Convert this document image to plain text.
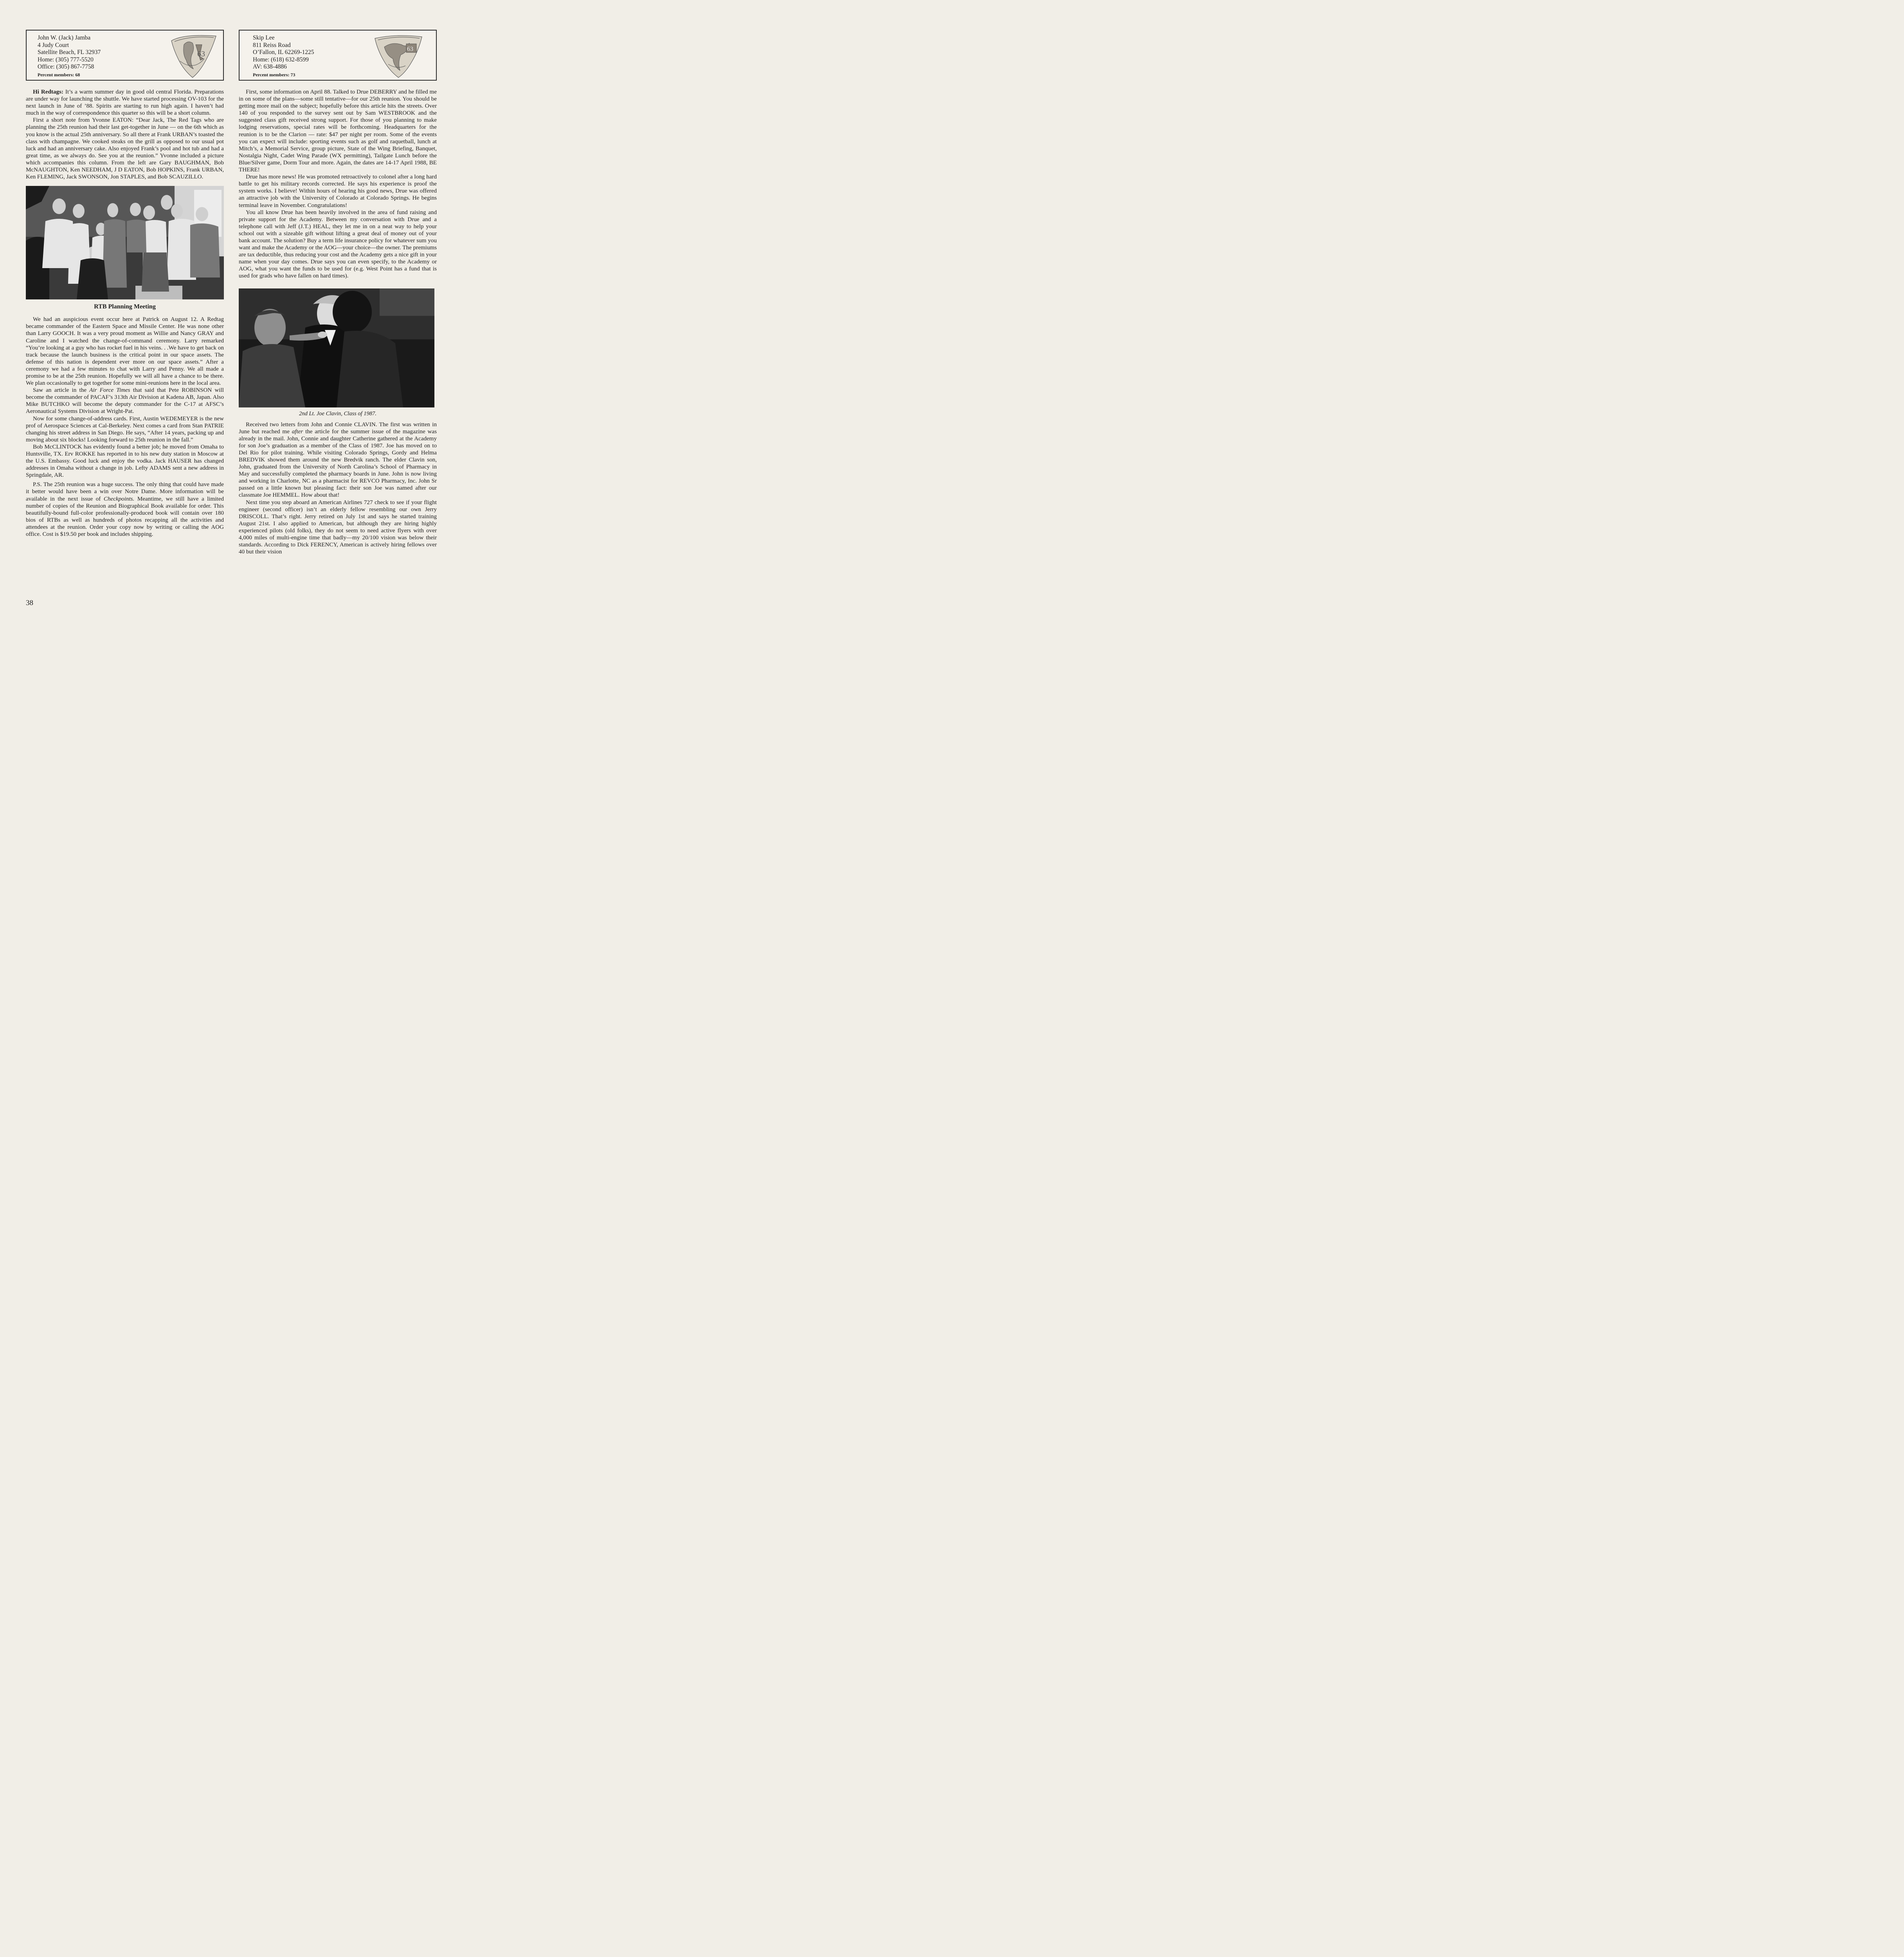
John W. (Jack) Jamba
4 Judy Court
Satellite Beach, FL 32937
Home: (305) 777-5520
Office: (305) 867-7758
Percent members: 68
63

Hi Redtags: It’s a warm summer day in good old central Florida. Preparations are under way for launching the shuttle. We have started processing OV-103 for the next launch in June of ’88. Spirits are starting to run high again. I haven’t had much in the way of correspondence this quarter so this will be a short column.

First a short note from Yvonne EATON: “Dear Jack, The Red Tags who are planning the 25th reunion had their last get-together in June — on the 6th which as you know is the actual 25th anniversary. So all there at Frank URBAN’s toasted the class with champagne. We cooked steaks on the grill as opposed to our usual pot luck and had an anniversary cake. Also enjoyed Frank’s pool and hot tub and had a great time, as we always do. See you at the reunion.” Yvonne included a picture which accompanies this column. From the left are Gary BAUGHMAN, Bob McNAUGHTON, Ken NEEDHAM, J D EATON, Bob HOPKINS, Frank URBAN, Ken FLEMING, Jack SWONSON, Jon STAPLES, and Bob SCAUZILLO.

RTB Planning Meeting

We had an auspicious event occur here at Patrick on August 12. A Redtag became commander of the Eastern Space and Missile Center. He was none other than Larry GOOCH. It was a very proud moment as Willie and Nancy GRAY and Caroline and I watched the change-of-command ceremony. Larry remarked “You’re looking at a guy who has rocket fuel in his veins. . .We have to get back on track because the launch business is the critical point in our space assets. The defense of this nation is dependent ever more on our space assets.” After a ceremony we had a few minutes to chat with Larry and Penny. We all made a promise to be at the 25th reunion. Hopefully we will all have a chance to be there. We plan occasionally to get together for some mini-reunions here in the local area.

Saw an article in the Air Force Times that said that Pete ROBINSON will become the commander of PACAF’s 313th Air Division at Kadena AB, Japan. Also Mike BUTCHKO will become the deputy commander for the C-17 at AFSC’s Aeronautical Systems Division at Wright-Pat.

Now for some change-of-address cards. First, Austin WEDEMEYER is the new prof of Aerospace Sciences at Cal-Berkeley. Next comes a card from Stan PATRIE changing his street address in San Diego. He says, “After 14 years, packing up and moving about six blocks! Looking forward to 25th reunion in the fall.”

Bob McCLINTOCK has evidently found a better job; he moved from Omaha to Huntsville, TX. Erv ROKKE has reported in to his new duty station in Moscow at the U.S. Embassy. Good luck and enjoy the vodka. Jack HAUSER has changed addresses in Omaha without a change in job. Lefty ADAMS sent a new address in Springdale, AR.

P.S. The 25th reunion was a huge success. The only thing that could have made it better would have been a win over Notre Dame. More information will be available in the next issue of Checkpoints. Meantime, we still have a limited number of copies of the Reunion and Biographical Book available for order. This beautifully-bound full-color professionally-produced book will contain over 180 bios of RTBs as well as hundreds of photos recapping all the activities and attendees at the reunion. Order your copy now by writing or calling the AOG office. Cost is $19.50 per book and includes shipping.

Skip Lee
811 Reiss Road
O’Fallon, IL 62269-1225
Home: (618) 632-8599
AV: 638-4886
Percent members: 73
63

First, some information on April 88. Talked to Drue DEBERRY and he filled me in on some of the plans—some still tentative—for our 25th reunion. You should be getting more mail on the subject; hopefully before this article hits the streets. Over 140 of you responded to the survey sent out by Sam WESTBROOK and the suggested class gift received strong support. For those of you planning to make lodging reservations, special rates will be forthcoming. Headquarters for the reunion is to be the Clarion — rate: $47 per night per room. Some of the events you can expect will include: sporting events such as golf and raquetball, lunch at Mitch’s, a Memorial Service, group picture, State of the Wing Briefing, Banquet, Nostalgia Night, Cadet Wing Parade (WX permitting), Tailgate Lunch before the Blue/Silver game, Dorm Tour and more. Again, the dates are 14-17 April 1988, BE THERE!

Drue has more news! He was promoted retroactively to colonel after a long hard battle to get his military records corrected. He says his experience is proof the system works. I believe! Within hours of hearing his good news, Drue was offered an attractive job with the University of Colorado at Colorado Springs. He begins terminal leave in November. Congratulations!

You all know Drue has been heavily involved in the area of fund raising and private support for the Academy. Between my conversation with Drue and a telephone call with Jeff (J.T.) HEAL, they let me in on a neat way to help your school out with a sizeable gift without lifting a great deal of money out of your bank account. The solution? Buy a term life insurance policy for whatever sum you want and make the Academy or the AOG—your choice—the owner. The premiums are tax deductible, thus reducing your cost and the Academy gets a nice gift in your name when your day comes. Drue says you can even specify, to the Academy or AOG, what you want the funds to be used for (e.g. West Point has a fund that is used for grads who have fallen on hard times).

2nd Lt. Joe Clavin, Class of 1987.

Received two letters from John and Connie CLAVIN. The first was written in June but reached me after the article for the summer issue of the magazine was already in the mail. John, Connie and daughter Catherine gathered at the Academy for son Joe’s graduation as a member of the Class of 1987. Joe has moved on to Del Rio for pilot training. While visiting Colorado Springs, Gordy and Helma BREDVIK showed them around the new Bredvik ranch. The elder Clavin son, John, graduated from the University of North Carolina’s School of Pharmacy in May and successfully completed the pharmacy boards in June. John is now living and working in Charlotte, NC as a pharmacist for REVCO Pharmacy, Inc. John Sr passed on a little known but pleasing fact: their son Joe was named after our classmate Joe HEMMEL. How about that!

Next time you step aboard an American Airlines 727 check to see if your flight engineer (second officer) isn’t an elderly fellow resembling our own Jerry DRISCOLL. That’s right. Jerry retired on July 1st and says he started training August 21st. I also applied to American, but although they are hiring highly experienced pilots (old folks), they do not seem to need active flyers with over 4,000 miles of multi-engine time that badly—my 20/100 vision was below their standards. According to Dick FERENCY, American is actively hiring fellows over 40 but their vision

38
